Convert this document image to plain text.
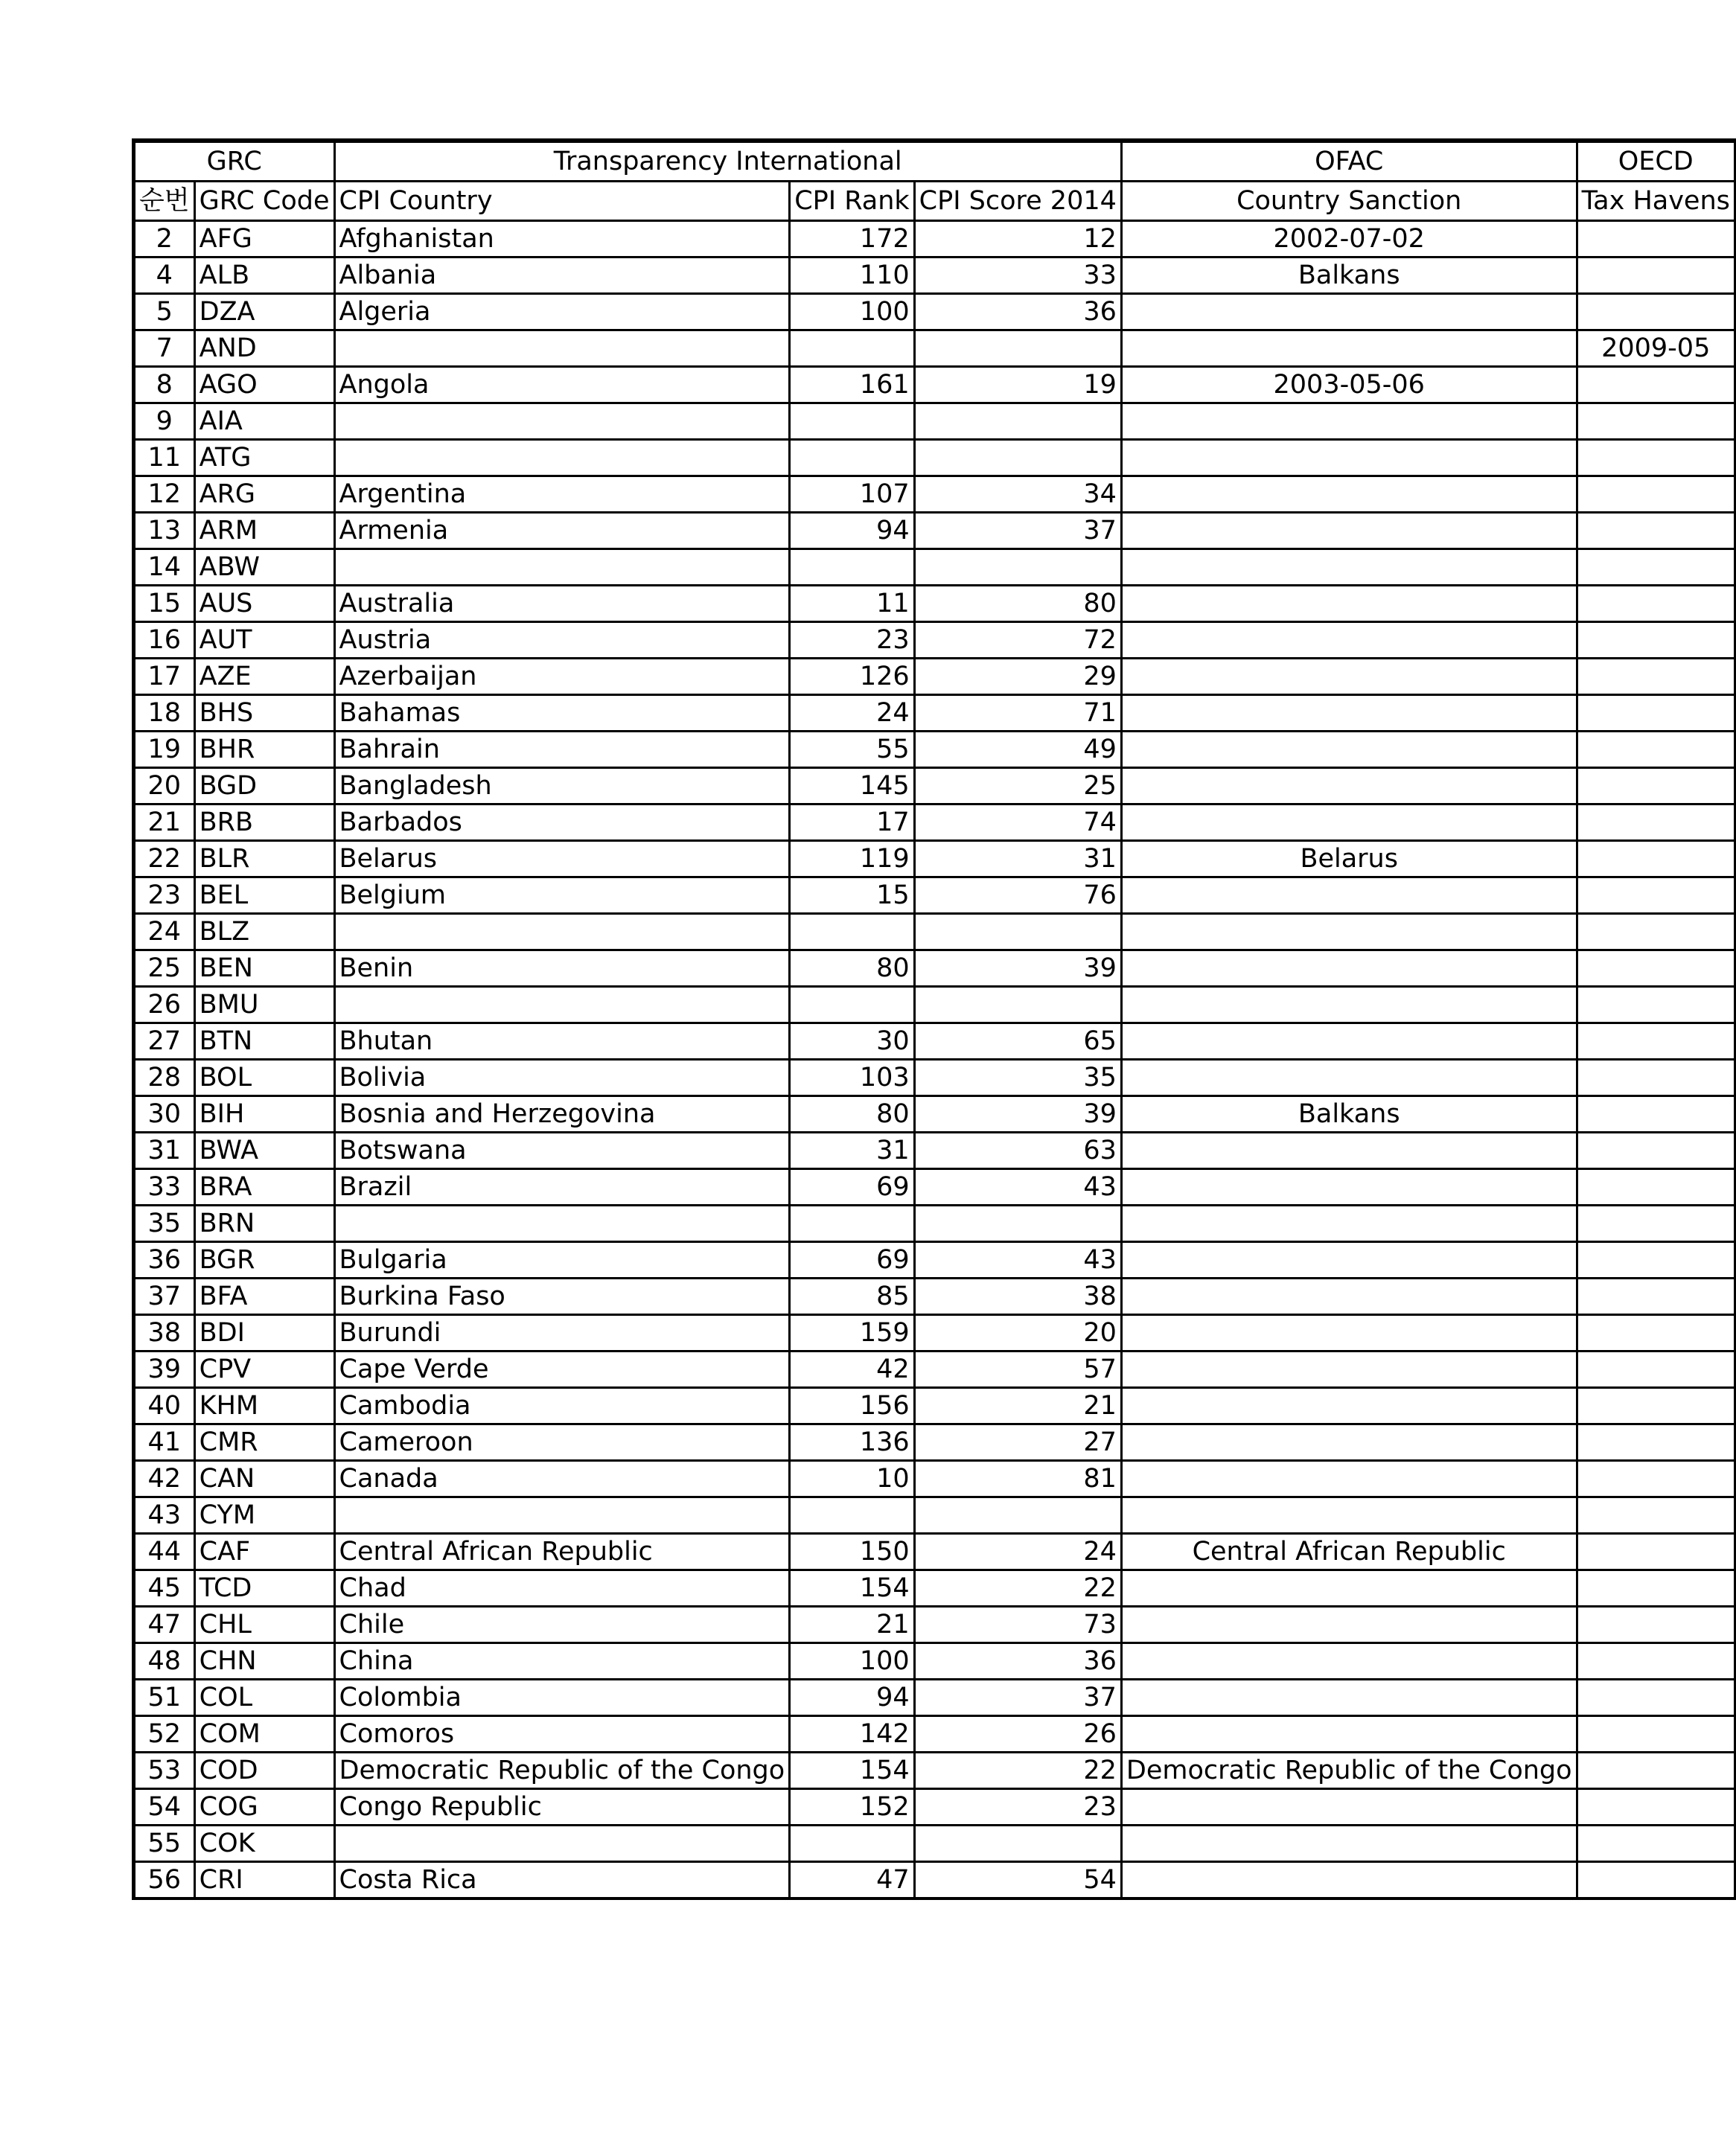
GRC		Transparency International			OFAC	OECD
순번	GRC Code	CPI Country	CPI Rank	CPI Score 2014	Country Sanction	Tax Havens
2	AFG	Afghanistan	172	12	2002-07-02	
4	ALB	Albania	110	33	Balkans	
5	DZA	Algeria	100	36		
7	AND					2009-05
8	AGO	Angola	161	19	2003-05-06	
9	AIA					
11	ATG					
12	ARG	Argentina	107	34		
13	ARM	Armenia	94	37		
14	ABW					
15	AUS	Australia	11	80		
16	AUT	Austria	23	72		
17	AZE	Azerbaijan	126	29		
18	BHS	Bahamas	24	71		
19	BHR	Bahrain	55	49		
20	BGD	Bangladesh	145	25		
21	BRB	Barbados	17	74		
22	BLR	Belarus	119	31	Belarus	
23	BEL	Belgium	15	76		
24	BLZ					
25	BEN	Benin	80	39		
26	BMU					
27	BTN	Bhutan	30	65		
28	BOL	Bolivia	103	35		
30	BIH	Bosnia and Herzegovina	80	39	Balkans	
31	BWA	Botswana	31	63		
33	BRA	Brazil	69	43		
35	BRN					
36	BGR	Bulgaria	69	43		
37	BFA	Burkina Faso	85	38		
38	BDI	Burundi	159	20		
39	CPV	Cape Verde	42	57		
40	KHM	Cambodia	156	21		
41	CMR	Cameroon	136	27		
42	CAN	Canada	10	81		
43	CYM					
44	CAF	Central African Republic	150	24	Central African Republic	
45	TCD	Chad	154	22		
47	CHL	Chile	21	73		
48	CHN	China	100	36		
51	COL	Colombia	94	37		
52	COM	Comoros	142	26		
53	COD	Democratic Republic of the Congo	154	22	Democratic Republic of the Congo	
54	COG	Congo Republic	152	23		
55	COK					
56	CRI	Costa Rica	47	54		
